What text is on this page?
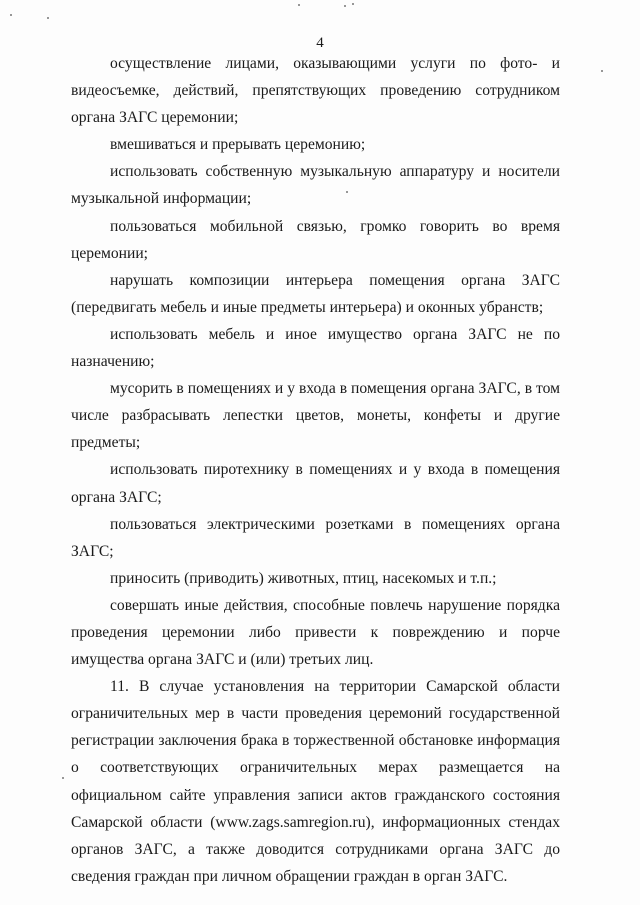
4

осуществление лицами, оказывающими услуги по фото- и видеосъемке, действий, препятствующих проведению сотрудником органа ЗАГС церемонии;

вмешиваться и прерывать церемонию;

использовать собственную музыкальную аппаратуру и носители музыкальной информации;

пользоваться мобильной связью, громко говорить во время церемонии;

нарушать композиции интерьера помещения органа ЗАГС (передвигать мебель и иные предметы интерьера) и оконных убранств;

использовать мебель и иное имущество органа ЗАГС не по назначению;

мусорить в помещениях и у входа в помещения органа ЗАГС, в том числе разбрасывать лепестки цветов, монеты, конфеты и другие предметы;

использовать пиротехнику в помещениях и у входа в помещения органа ЗАГС;

пользоваться электрическими розетками в помещениях органа ЗАГС;

приносить (приводить) животных, птиц, насекомых и т.п.;

совершать иные действия, способные повлечь нарушение порядка проведения церемонии либо привести к повреждению и порче имущества органа ЗАГС и (или) третьих лиц.

11. В случае установления на территории Самарской области ограничительных мер в части проведения церемоний государственной регистрации заключения брака в торжественной обстановке информация о соответствующих ограничительных мерах размещается на официальном сайте управления записи актов гражданского состояния Самарской области (www.zags.samregion.ru), информационных стендах органов ЗАГС, а также доводится сотрудниками органа ЗАГС до сведения граждан при личном обращении граждан в орган ЗАГС.
